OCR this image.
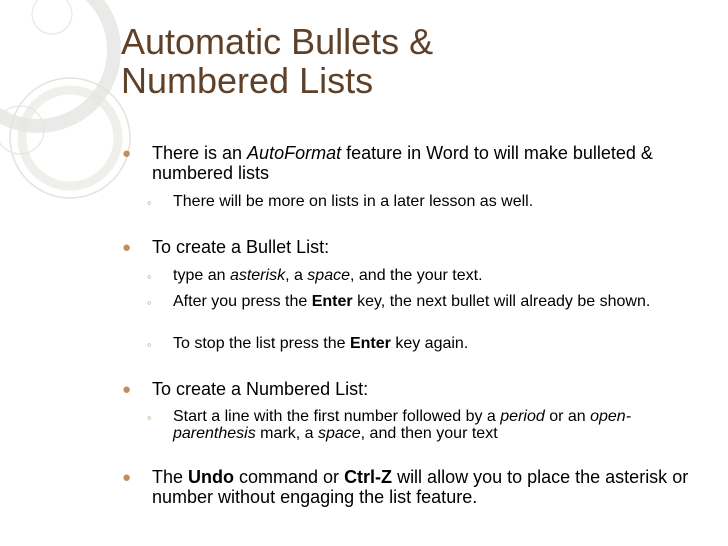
Automatic Bullets &
Numbered Lists
● There is an AutoFormat feature in Word to will make bulleted & numbered lists
◦ There will be more on lists in a later lesson as well.
● To create a Bullet List:
◦ type an asterisk, a space, and the your text.
◦ After you press the Enter key, the next bullet will already be shown.
◦ To stop the list press the Enter key again.
● To create a Numbered List:
◦ Start a line with the first number followed by a period or an open-parenthesis mark, a space, and then your text
● The Undo command or Ctrl-Z will allow you to place the asterisk or number without engaging the list feature.
